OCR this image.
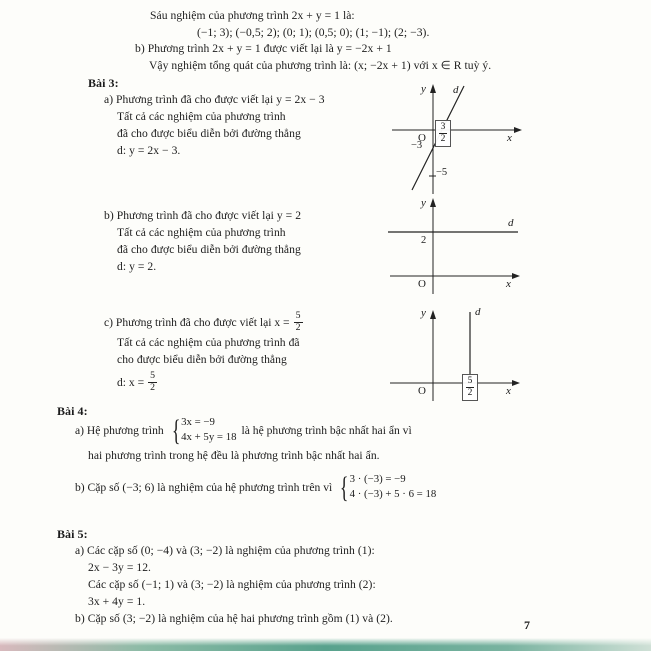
Sáu nghiệm của phương trình 2x + y = 1 là:
(−1; 3); (−0,5; 2); (0; 1); (0,5; 0); (1; −1); (2; −3).
b) Phương trình 2x + y = 1 được viết lại là y = −2x + 1
Vậy nghiệm tổng quát của phương trình là: (x; −2x + 1) với x ∈ R tuỳ ý.
Bài 3:
a) Phương trình đã cho được viết lại y = 2x − 3
Tất cả các nghiệm của phương trình
đã cho được biểu diễn bởi đường thẳng
d: y = 2x − 3.
y
x
O
d
−3
−5
$\frac{3}{2}$
b) Phương trình đã cho được viết lại y = 2
Tất cả các nghiệm của phương trình
đã cho được biểu diễn bởi đường thẳng
d: y = 2.
y
x
O
d
2
c) Phương trình đã cho được viết lại $x = \frac{5}{2}$
Tất cả các nghiệm của phương trình đã
cho được biểu diễn bởi đường thẳng
d: $x = \frac{5}{2}$
y
x
O
d
$\frac{5}{2}$
Bài 4:
a) Hệ phương trình { 3x = −9
4x + 5y = 18
là hệ phương trình bậc nhất hai ẩn vì
hai phương trình trong hệ đều là phương trình bậc nhất hai ẩn.
b) Cặp số (−3; 6) là nghiệm của hệ phương trình trên vì { 3 · (−3) = −9
4 · (−3) + 5 · 6 = 18
Bài 5:
a) Các cặp số (0; −4) và (3; −2) là nghiệm của phương trình (1):
2x − 3y = 12.
Các cặp số (−1; 1) và (3; −2) là nghiệm của phương trình (2):
3x + 4y = 1.
b) Cặp số (3; −2) là nghiệm của hệ hai phương trình gồm (1) và (2).	7
